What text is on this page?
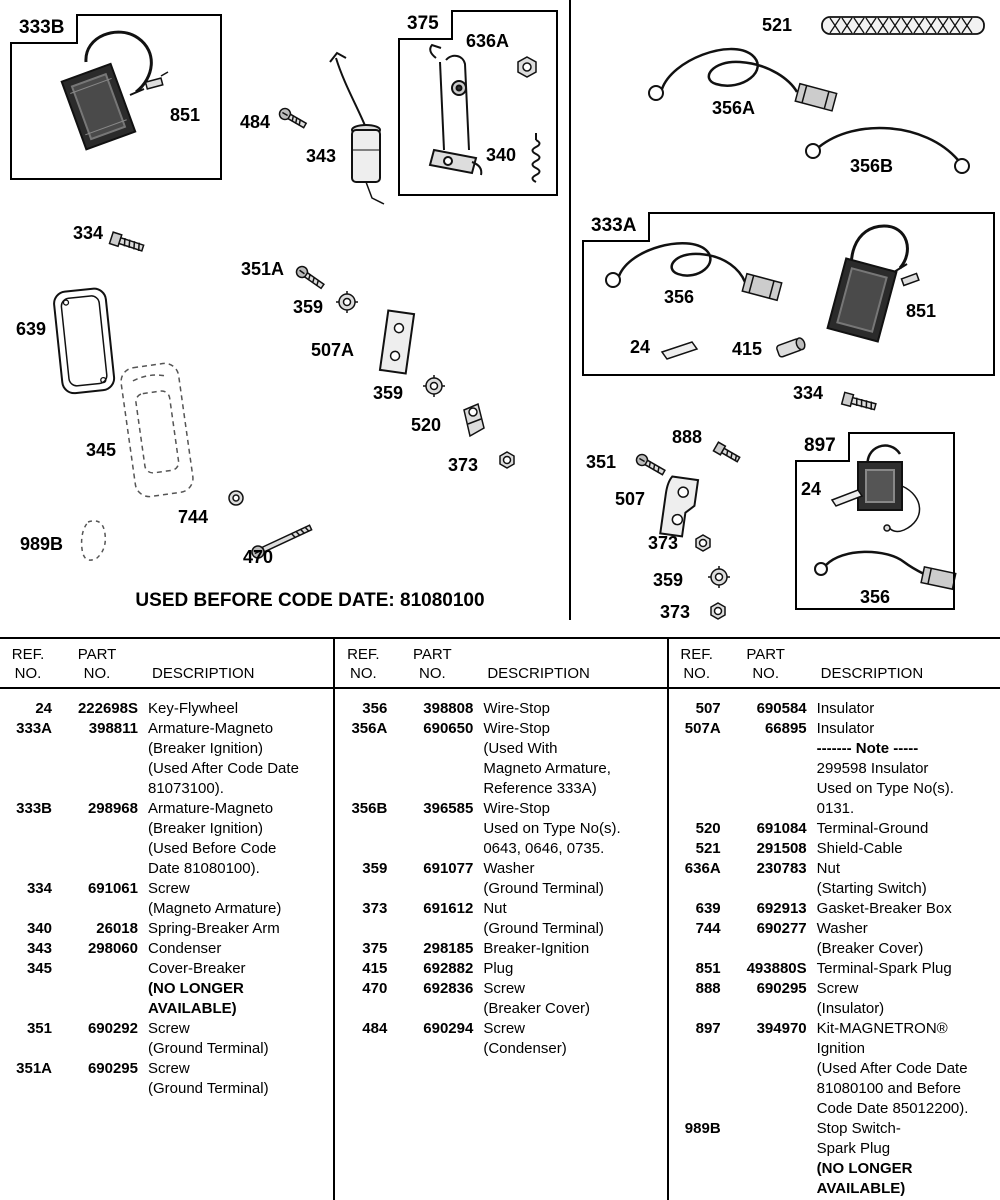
USED BEFORE CODE DATE: 81080100
333B	375
333A
897
851 484
343
636A
340
521
356A
356B
356
851
24	415
334
334
351A
359
507A
359
520
373
639
345
744
470
989B
888
351
507
373
359
373
24
356
REF.
NO.
PART
NO.	DESCRIPTION
24	222698S Key-Flywheel
333A	398811 Armature-Magneto
(Breaker Ignition)
(Used After Code Date
81073100).
333B	298968 Armature-Magneto
(Breaker Ignition)
(Used Before Code
Date 81080100).
334	691061 Screw
(Magneto Armature)
340	26018 Spring-Breaker Arm
343	298060 Condenser
345	Cover-Breaker
(NO LONGER
AVAILABLE)
351	690292 Screw
(Ground Terminal)
351A	690295 Screw
(Ground Terminal)
REF.
NO.
PART
NO.	DESCRIPTION
356	398808 Wire-Stop
356A	690650 Wire-Stop
(Used With
Magneto Armature,
Reference 333A)
356B	396585 Wire-Stop
Used on Type No(s).
0643, 0646, 0735.
359	691077 Washer
(Ground Terminal)
373	691612 Nut
(Ground Terminal)
375	298185 Breaker-Ignition
415	692882 Plug
470	692836 Screw
(Breaker Cover)
484	690294 Screw
(Condenser)
REF.
NO.
PART
NO.	DESCRIPTION
507	690584 Insulator
507A	66895 Insulator
------- Note -----
299598 Insulator
Used on Type No(s).
0131.
520	691084 Terminal-Ground
521	291508 Shield-Cable
636A	230783 Nut
(Starting Switch)
639	692913 Gasket-Breaker Box
744	690277 Washer
(Breaker Cover)
851	493880S Terminal-Spark Plug
888	690295 Screw
(Insulator)
897	394970 Kit-MAGNETRON®
Ignition
(Used After Code Date
81080100 and Before
Code Date 85012200).
989B	Stop Switch-
Spark Plug
(NO LONGER
AVAILABLE)
